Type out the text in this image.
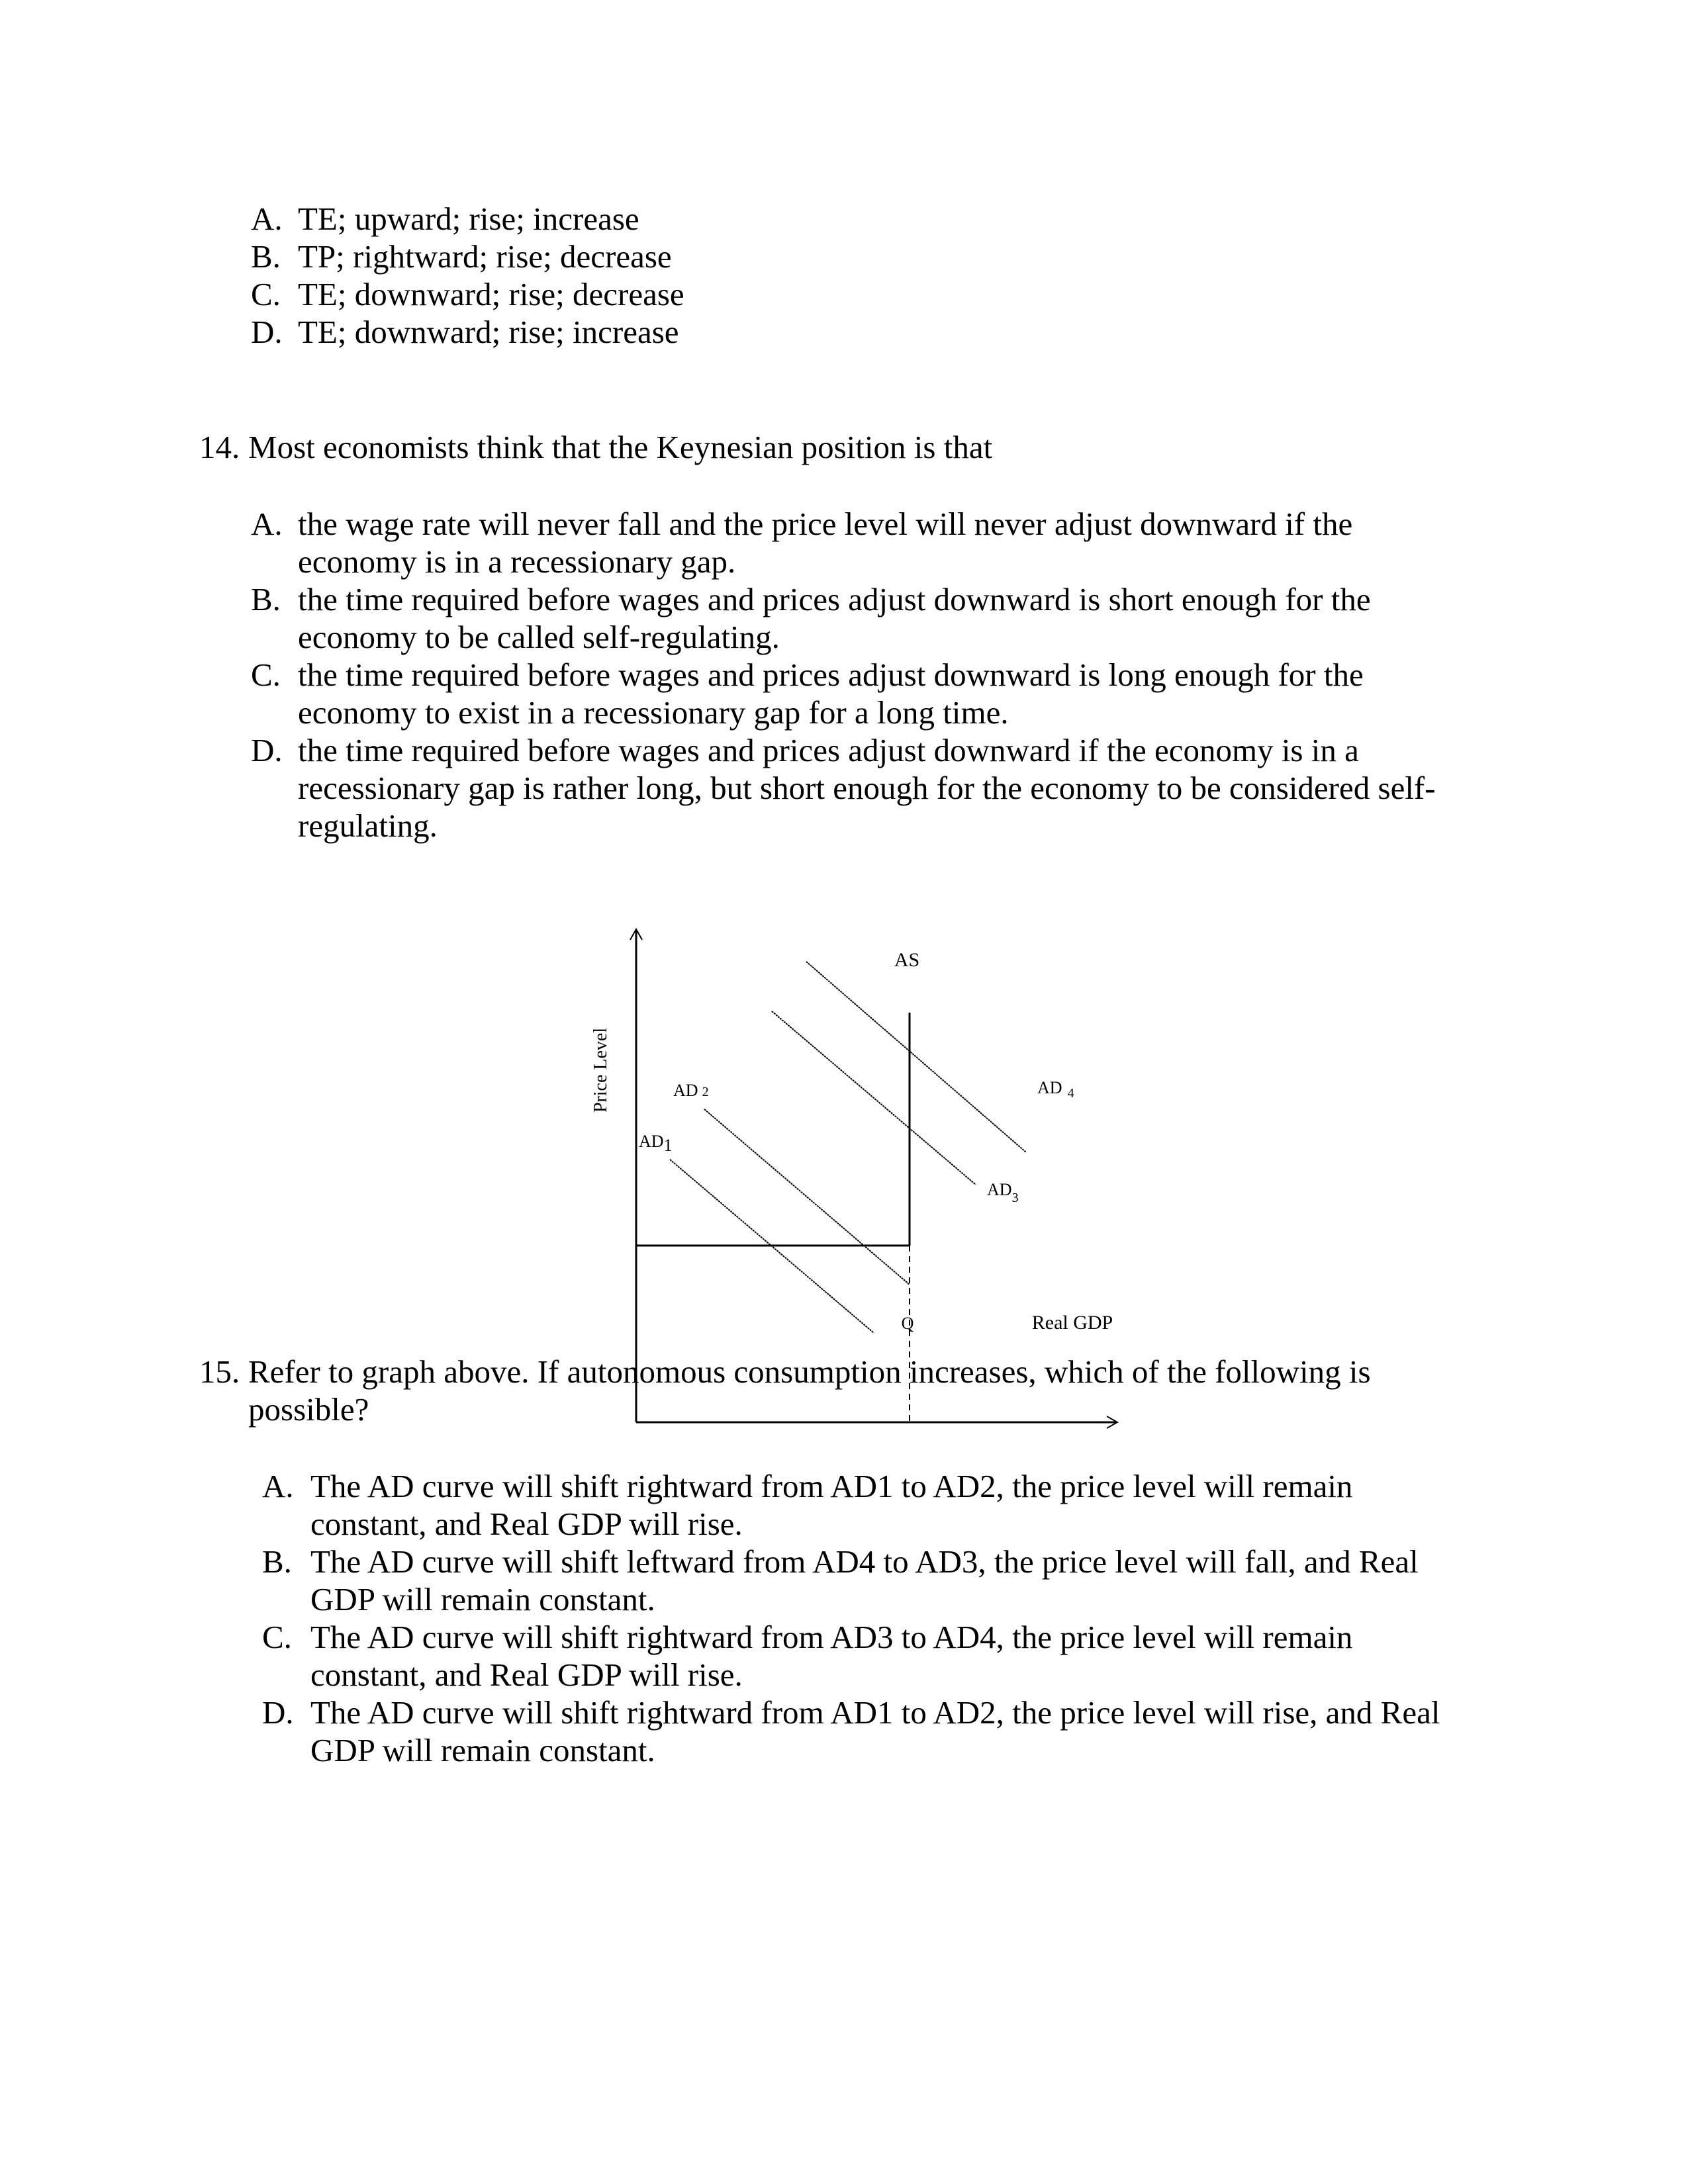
A. TE; upward; rise; increase
B. TP; rightward; rise; decrease
C. TE; downward; rise; decrease
D. TE; downward; rise; increase
14. Most economists think that the Keynesian position is that
A. the wage rate will never fall and the price level will never adjust downward if the
economy is in a recessionary gap.
B. the time required before wages and prices adjust downward is short enough for the
economy to be called self-regulating.
C. the time required before wages and prices adjust downward is long enough for the
economy to exist in a recessionary gap for a long time.
D. the time required before wages and prices adjust downward if the economy is in a
recessionary gap is rather long, but short enough for the economy to be considered self-
regulating.
15. Refer to graph above. If autonomous consumption increases, which of the following is
possible?
A. The AD curve will shift rightward from AD1 to AD2, the price level will remain
constant, and Real GDP will rise.
B. The AD curve will shift leftward from AD4 to AD3, the price level will fall, and Real
GDP will remain constant.
C. The AD curve will shift rightward from AD3 to AD4, the price level will remain
constant, and Real GDP will rise.
D. The AD curve will shift rightward from AD1 to AD2, the price level will rise, and Real
GDP will remain constant.
Price Level
Real GDP
Q
AS
AD1
AD 2
$AD_3$
AD $_4$
